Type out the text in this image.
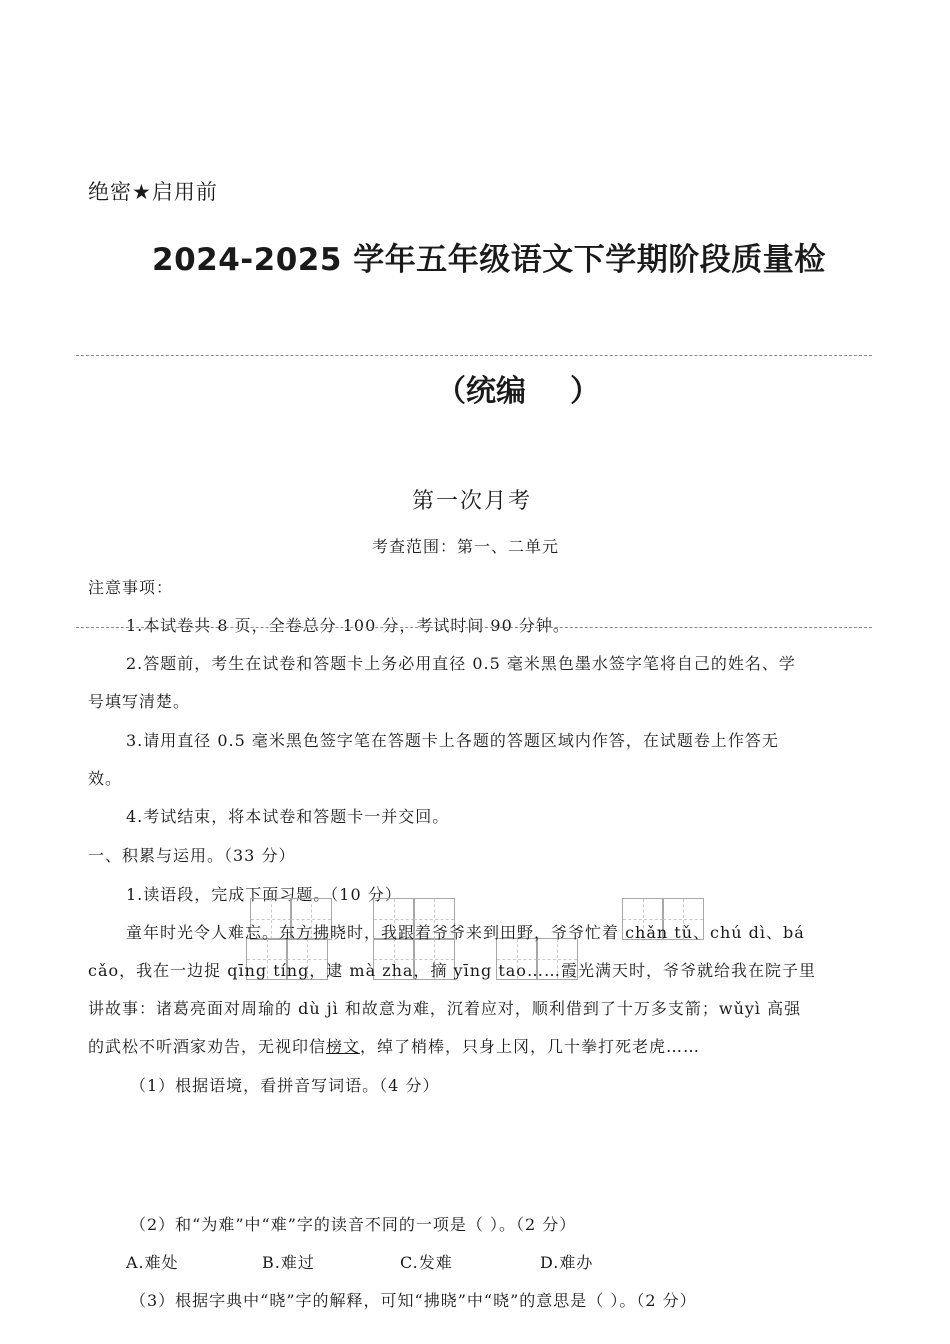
绝密★启用前
2024-2025 学年五年级语文下学期阶段质量检
（统编 ）
第一次月考
考查范围：第一、二单元
注意事项：
1.本试卷共 8 页，全卷总分 100 分，考试时间 90 分钟。
2.答题前，考生在试卷和答题卡上务必用直径 0.5 毫米黑色墨水签字笔将自己的姓名、学
号填写清楚。
3.请用直径 0.5 毫米黑色签字笔在答题卡上各题的答题区域内作答，在试题卷上作答无
效。
4.考试结束，将本试卷和答题卡一并交回。
一、积累与运用。（33 分）
1.读语段，完成下面习题。（10 分）
童年时光令人难忘。东方拂晓时，我跟着爷爷来到田野，爷爷忙着 chǎn tǔ、chú dì、bá
cǎo，我在一边捉 qīng tíng，逮 mà zha，摘 yīng tao……霞光满天时，爷爷就给我在院子里
讲故事：诸葛亮面对周瑜的 dù jì 和故意为难，沉着应对，顺利借到了十万多支箭；wǔyì 高强
的武松不听酒家劝告，无视印信榜文，绰了梢棒，只身上冈，几十拳打死老虎……
（1）根据语境，看拼音写词语。（4 分）
（2）和“为难”中“难”字的读音不同的一项是（ ）。（2 分）
A.难处	B.难过	C.发难	D.难办
（3）根据字典中“晓”字的解释，可知“拂晓”中“晓”的意思是（ ）。（2 分）
